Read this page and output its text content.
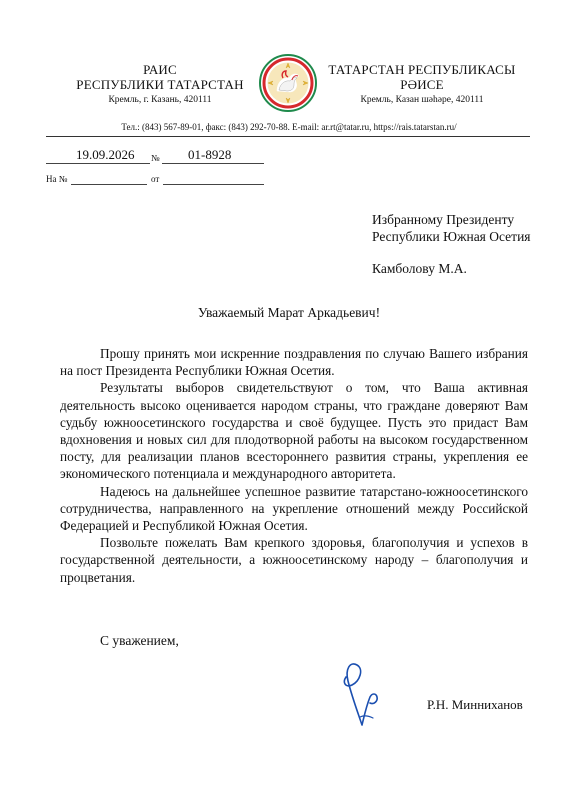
РАИС
РЕСПУБЛИКИ ТАТАРСТАН
Кремль, г. Казань, 420111
ТАТАРСТАН РЕСПУБЛИКАСЫ
РӘИСЕ
Кремль, Казан шәһәре, 420111
Тел.: (843) 567-89-01, факс: (843) 292-70-88. E-mail: ar.rt@tatar.ru, https://rais.tatarstan.ru/
19.09.2026 № 01-8928
На №	от
Избранному Президенту
Республики Южная Осетия
Камболову М.А.
Уважаемый Марат Аркадьевич!

Прошу принять мои искренние поздравления по случаю Вашего избрания на пост Президента Республики Южная Осетия.

Результаты выборов свидетельствуют о том, что Ваша активная деятельность высоко оценивается народом страны, что граждане доверяют Вам судьбу южноосетинского государства и своё будущее. Пусть это придаст Вам вдохновения и новых сил для плодотворной работы на высоком государственном посту, для реализации планов всестороннего развития страны, укрепления ее экономического потенциала и международного авторитета.

Надеюсь на дальнейшее успешное развитие татарстано-южноосетинского сотрудничества, направленного на укрепление отношений между Российской Федерацией и Республикой Южная Осетия.

Позвольте пожелать Вам крепкого здоровья, благополучия и успехов в государственной деятельности, а южноосетинскому народу – благополучия и процветания.

С уважением,
Р.Н. Минниханов
